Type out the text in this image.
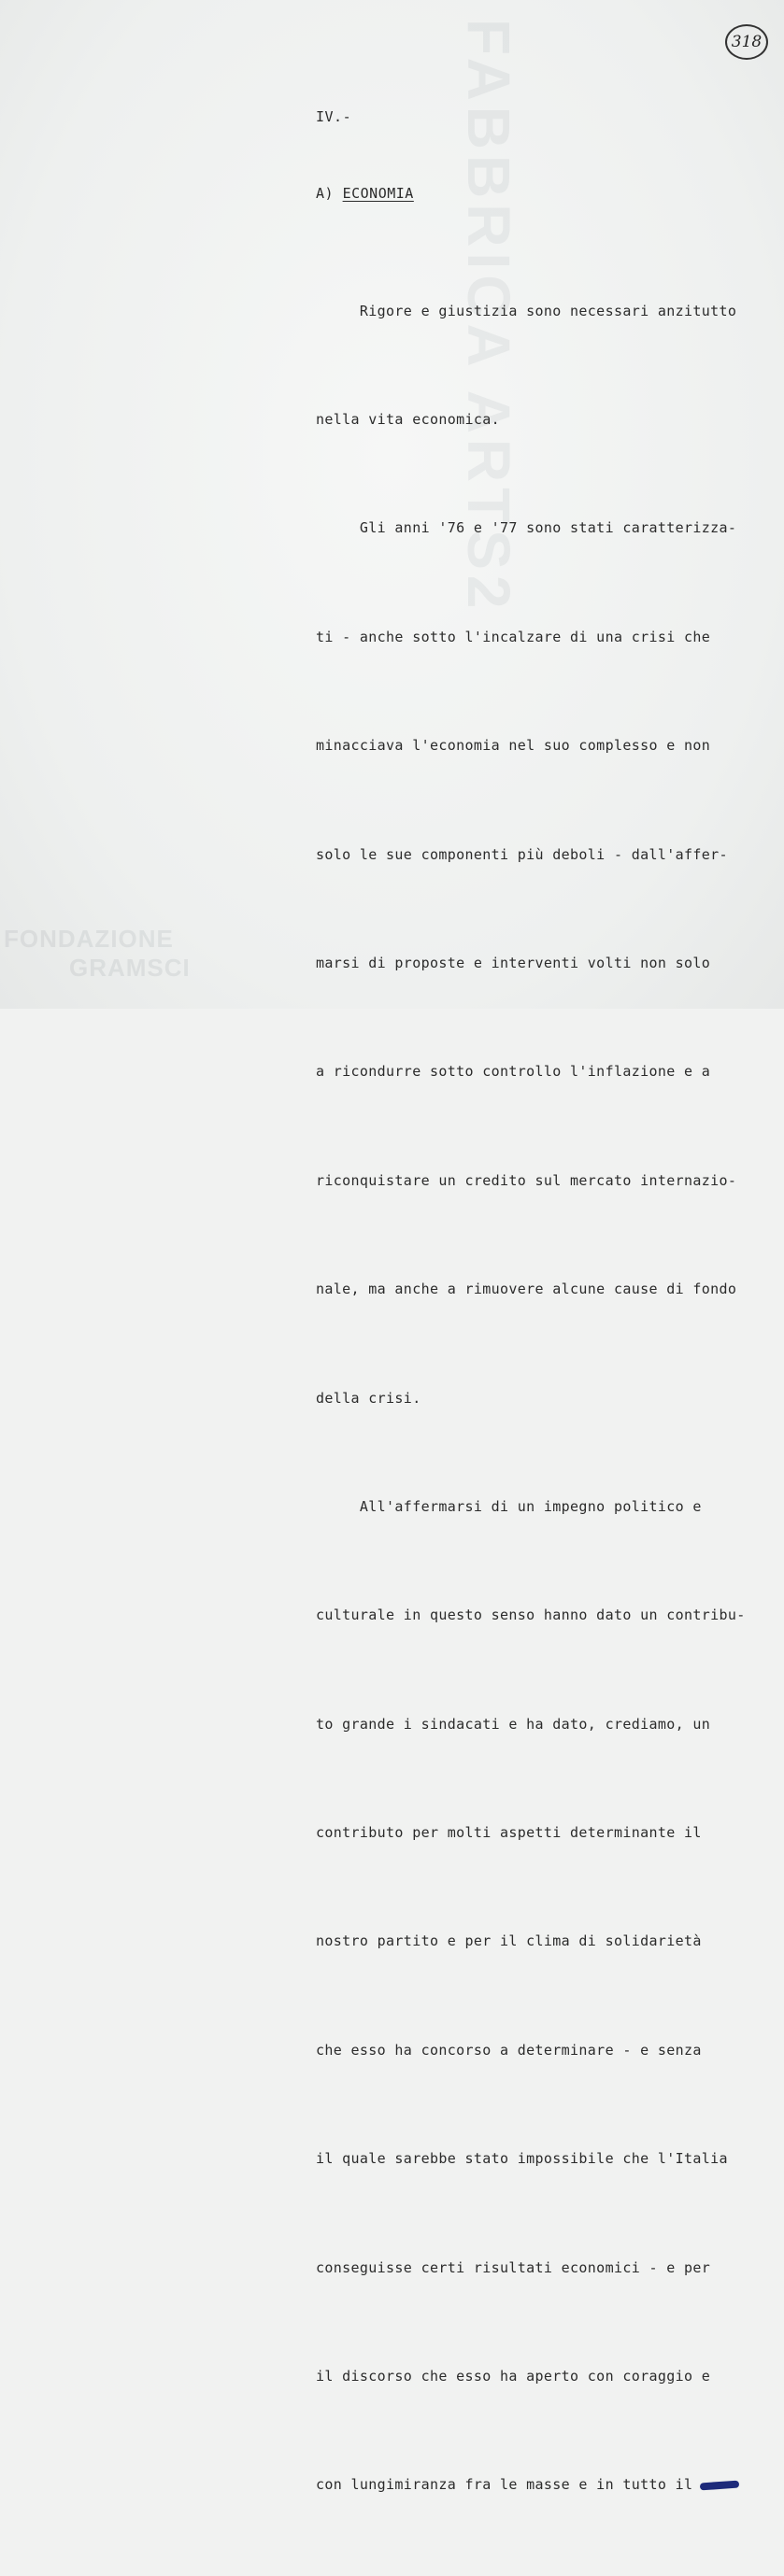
FABBRICA ARTS2
FONDAZIONE
GRAMSCI
318
IV.-
A) ECONOMIA

Rigore e giustizia sono necessari anzitutto

nella vita economica.

Gli anni '76 e '77 sono stati caratterizza-

ti - anche sotto l'incalzare di una crisi che

minacciava l'economia nel suo complesso e non

solo le sue componenti più deboli - dall'affer-

marsi di proposte e interventi volti non solo

a ricondurre sotto controllo l'inflazione e a

riconquistare un credito sul mercato internazio-

nale, ma anche a rimuovere alcune cause di fondo

della crisi.

All'affermarsi di un impegno politico e

culturale in questo senso hanno dato un contribu-

to grande i sindacati e ha dato, crediamo, un

contributo per molti aspetti determinante il

nostro partito e per il clima di solidarietà

che esso ha concorso a determinare - e senza

il quale sarebbe stato impossibile che l'Italia

conseguisse certi risultati economici - e per

il discorso che esso ha aperto con coraggio e

con lungimiranza fra le masse e in tutto il
